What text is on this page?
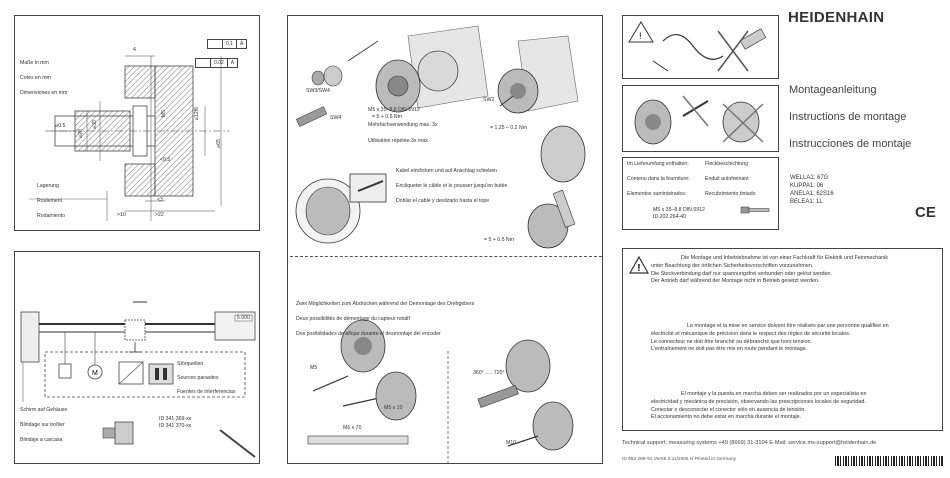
Maße in mm
Cotes en mm
Dimensiones en mm
Lagerung
Roulement
Rodamiento
0.1	A
0.02	A
4
⌀0.5
M5	⌀12f6
⌀65
⌀20
⌀30
<0.5
<3
>10	>22
M
5.000
Störquellen
Sources parasites
Fuentes de interferencias
Schirm auf Gehäuse
Blindage sur boîtier
Blindaje a carcasa
ID 341 369-xx
ID 341 370-xx
SW3/SW4
SW4
SW2
M5 x 35–8.8 DIN 6912
= 5 + 0.5 Nm
Mehrfachverwendung max. 3x
Utilisation répétée 3x max.
= 1.25 – 0.2 Nm
Kabel einclicken und auf Anschlag schieben
Encliqueter le câble et le pousser jusqu'en butée
Doblar el cable y deslizarlo hasta el tope
= 5 + 0.5 Nm
Zwei Möglichkeiten zum Abdrücken während der Demontage des Drehgebers
Deux possibilités de démontage du capteur rotatif
Dos posibilidades de aflojar durante el desmontaje del encoder
M5
M5 x 10
M6 x 70
360° ..... 720°
M10
!
Im Lieferumfang enthalten:	Fleckbeschichtung
Contenu dans la fourniture:	Enduit autofreinant
Elementos suministrados:	Recubrimiento tintado
M5 x 35–8.8 DIN 6912
ID 202 264-40
HEIDENHAIN
Montageanleitung
Instructions de montage
Instrucciones de montaje
WELLA1: 67G
KUPPA1: 06
ANELA1: 62S16
BELEA1: 1L
CE
!
Die Montage und Inbetriebnahme ist von einer Fachkraft für Elektrik und Feinmechanik
unter Beachtung der örtlichen Sicherheitsvorschriften vorzunehmen.
Die Steckverbindung darf nur spannungsfrei verbunden oder gelöst werden.
Der Antrieb darf während der Montage nicht in Betrieb gesetzt werden.
Le montage et la mise en service doivent être réalisés par une personne qualifiée en
électricité et mécanique de précision dans le respect des règles de sécurité locales.
Le connecteur ne doit être branché ou débranché que hors tension.
L'entraînement ne doit pas être mis en route pendant le montage.
El montaje y la puesta en marcha deben ser realizados por un especialista en
electricidad y mecánica de precisión, observando las prescripciones locales de seguridad.
Conectar o desconectar el conector sólo en ausencia de tensión.
El accionamiento no debe estar en marcha durante el montaje.
Technical support, measuring systems +49 (8669) 31-3104 E-Mail: service.ms-support@heidenhain.de
ID 682 289-91 Ver05 3 11/2006 H Printed in Germany
